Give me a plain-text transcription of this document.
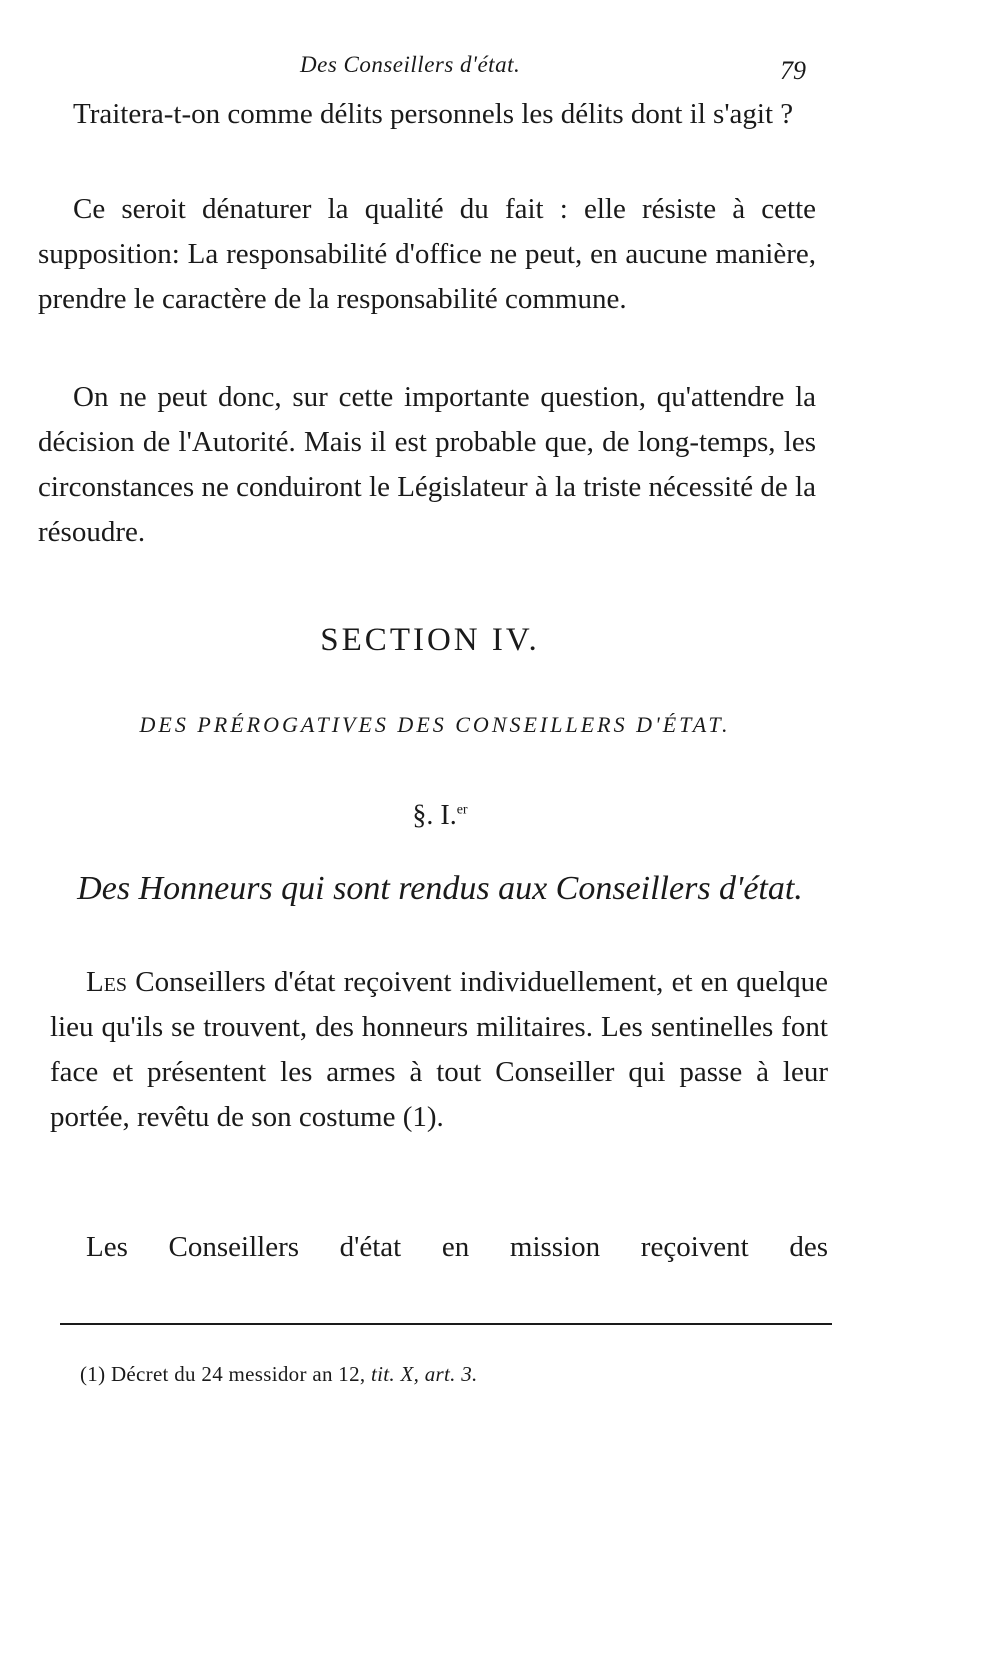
Des Conseillers d'état.	79

Traitera-t-on comme délits personnels les délits dont il s'agit ?

Ce seroit dénaturer la qualité du fait : elle résiste à cette supposition: La responsabilité d'office ne peut, en aucune manière, prendre le caractère de la responsabilité commune.

On ne peut donc, sur cette importante question, qu'attendre la décision de l'Autorité. Mais il est probable que, de long-temps, les circonstances ne conduiront le Législateur à la triste nécessité de la résoudre.

SECTION IV.
DES PRÉROGATIVES DES CONSEILLERS D'ÉTAT.
§. I.$^{er}$
Des Honneurs qui sont rendus aux Conseillers d'état.

Les Conseillers d'état reçoivent individuellement, et en quelque lieu qu'ils se trouvent, des honneurs militaires. Les sentinelles font face et présentent les armes à tout Conseiller qui passe à leur portée, revêtu de son costume (1).

Les Conseillers d'état en mission reçoivent des

(1) Décret du 24 messidor an 12, tit. X, art. 3.
